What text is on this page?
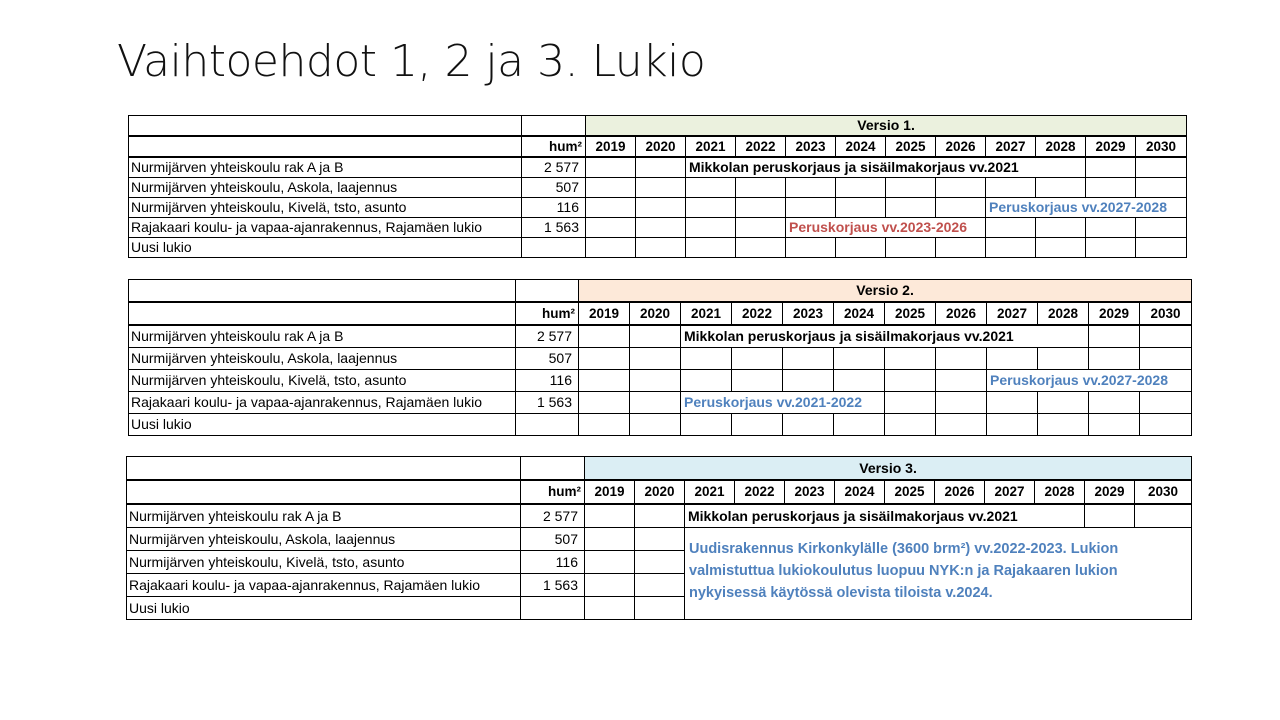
Vaihtoehdot 1, 2 ja 3. Lukio
		Versio 1.											
	hum²	2019	2020	2021	2022	2023	2024	2025	2026	2027	2028	2029	2030
Nurmijärven yhteiskoulu rak A ja B	2 577			Mikkolan peruskorjaus ja sisäilmakorjaus vv.2021									
Nurmijärven yhteiskoulu, Askola, laajennus	507												
Nurmijärven yhteiskoulu, Kivelä, tsto, asunto	116									Peruskorjaus vv.2027-2028			
Rajakaari koulu- ja vapaa-ajanrakennus, Rajamäen lukio	1 563					Peruskorjaus vv.2023-2026							
Uusi lukio													
		Versio 2.											
	hum²	2019	2020	2021	2022	2023	2024	2025	2026	2027	2028	2029	2030
Nurmijärven yhteiskoulu rak A ja B	2 577			Mikkolan peruskorjaus ja sisäilmakorjaus vv.2021									
Nurmijärven yhteiskoulu, Askola, laajennus	507												
Nurmijärven yhteiskoulu, Kivelä, tsto, asunto	116									Peruskorjaus vv.2027-2028			
Rajakaari koulu- ja vapaa-ajanrakennus, Rajamäen lukio	1 563			Peruskorjaus vv.2021-2022									
Uusi lukio													
		Versio 3.											
	hum²	2019	2020	2021	2022	2023	2024	2025	2026	2027	2028	2029	2030
Nurmijärven yhteiskoulu rak A ja B	2 577			Mikkolan peruskorjaus ja sisäilmakorjaus vv.2021									
Nurmijärven yhteiskoulu, Askola, laajennus	507			Uudisrakennus Kirkonkylälle (3600 brm²) vv.2022-2023. Lukion valmistuttua lukiokoulutus luopuu NYK:n ja Rajakaaren lukion nykyisessä käytössä olevista tiloista v.2024.									
Nurmijärven yhteiskoulu, Kivelä, tsto, asunto	116												
Rajakaari koulu- ja vapaa-ajanrakennus, Rajamäen lukio	1 563												
Uusi lukio													
